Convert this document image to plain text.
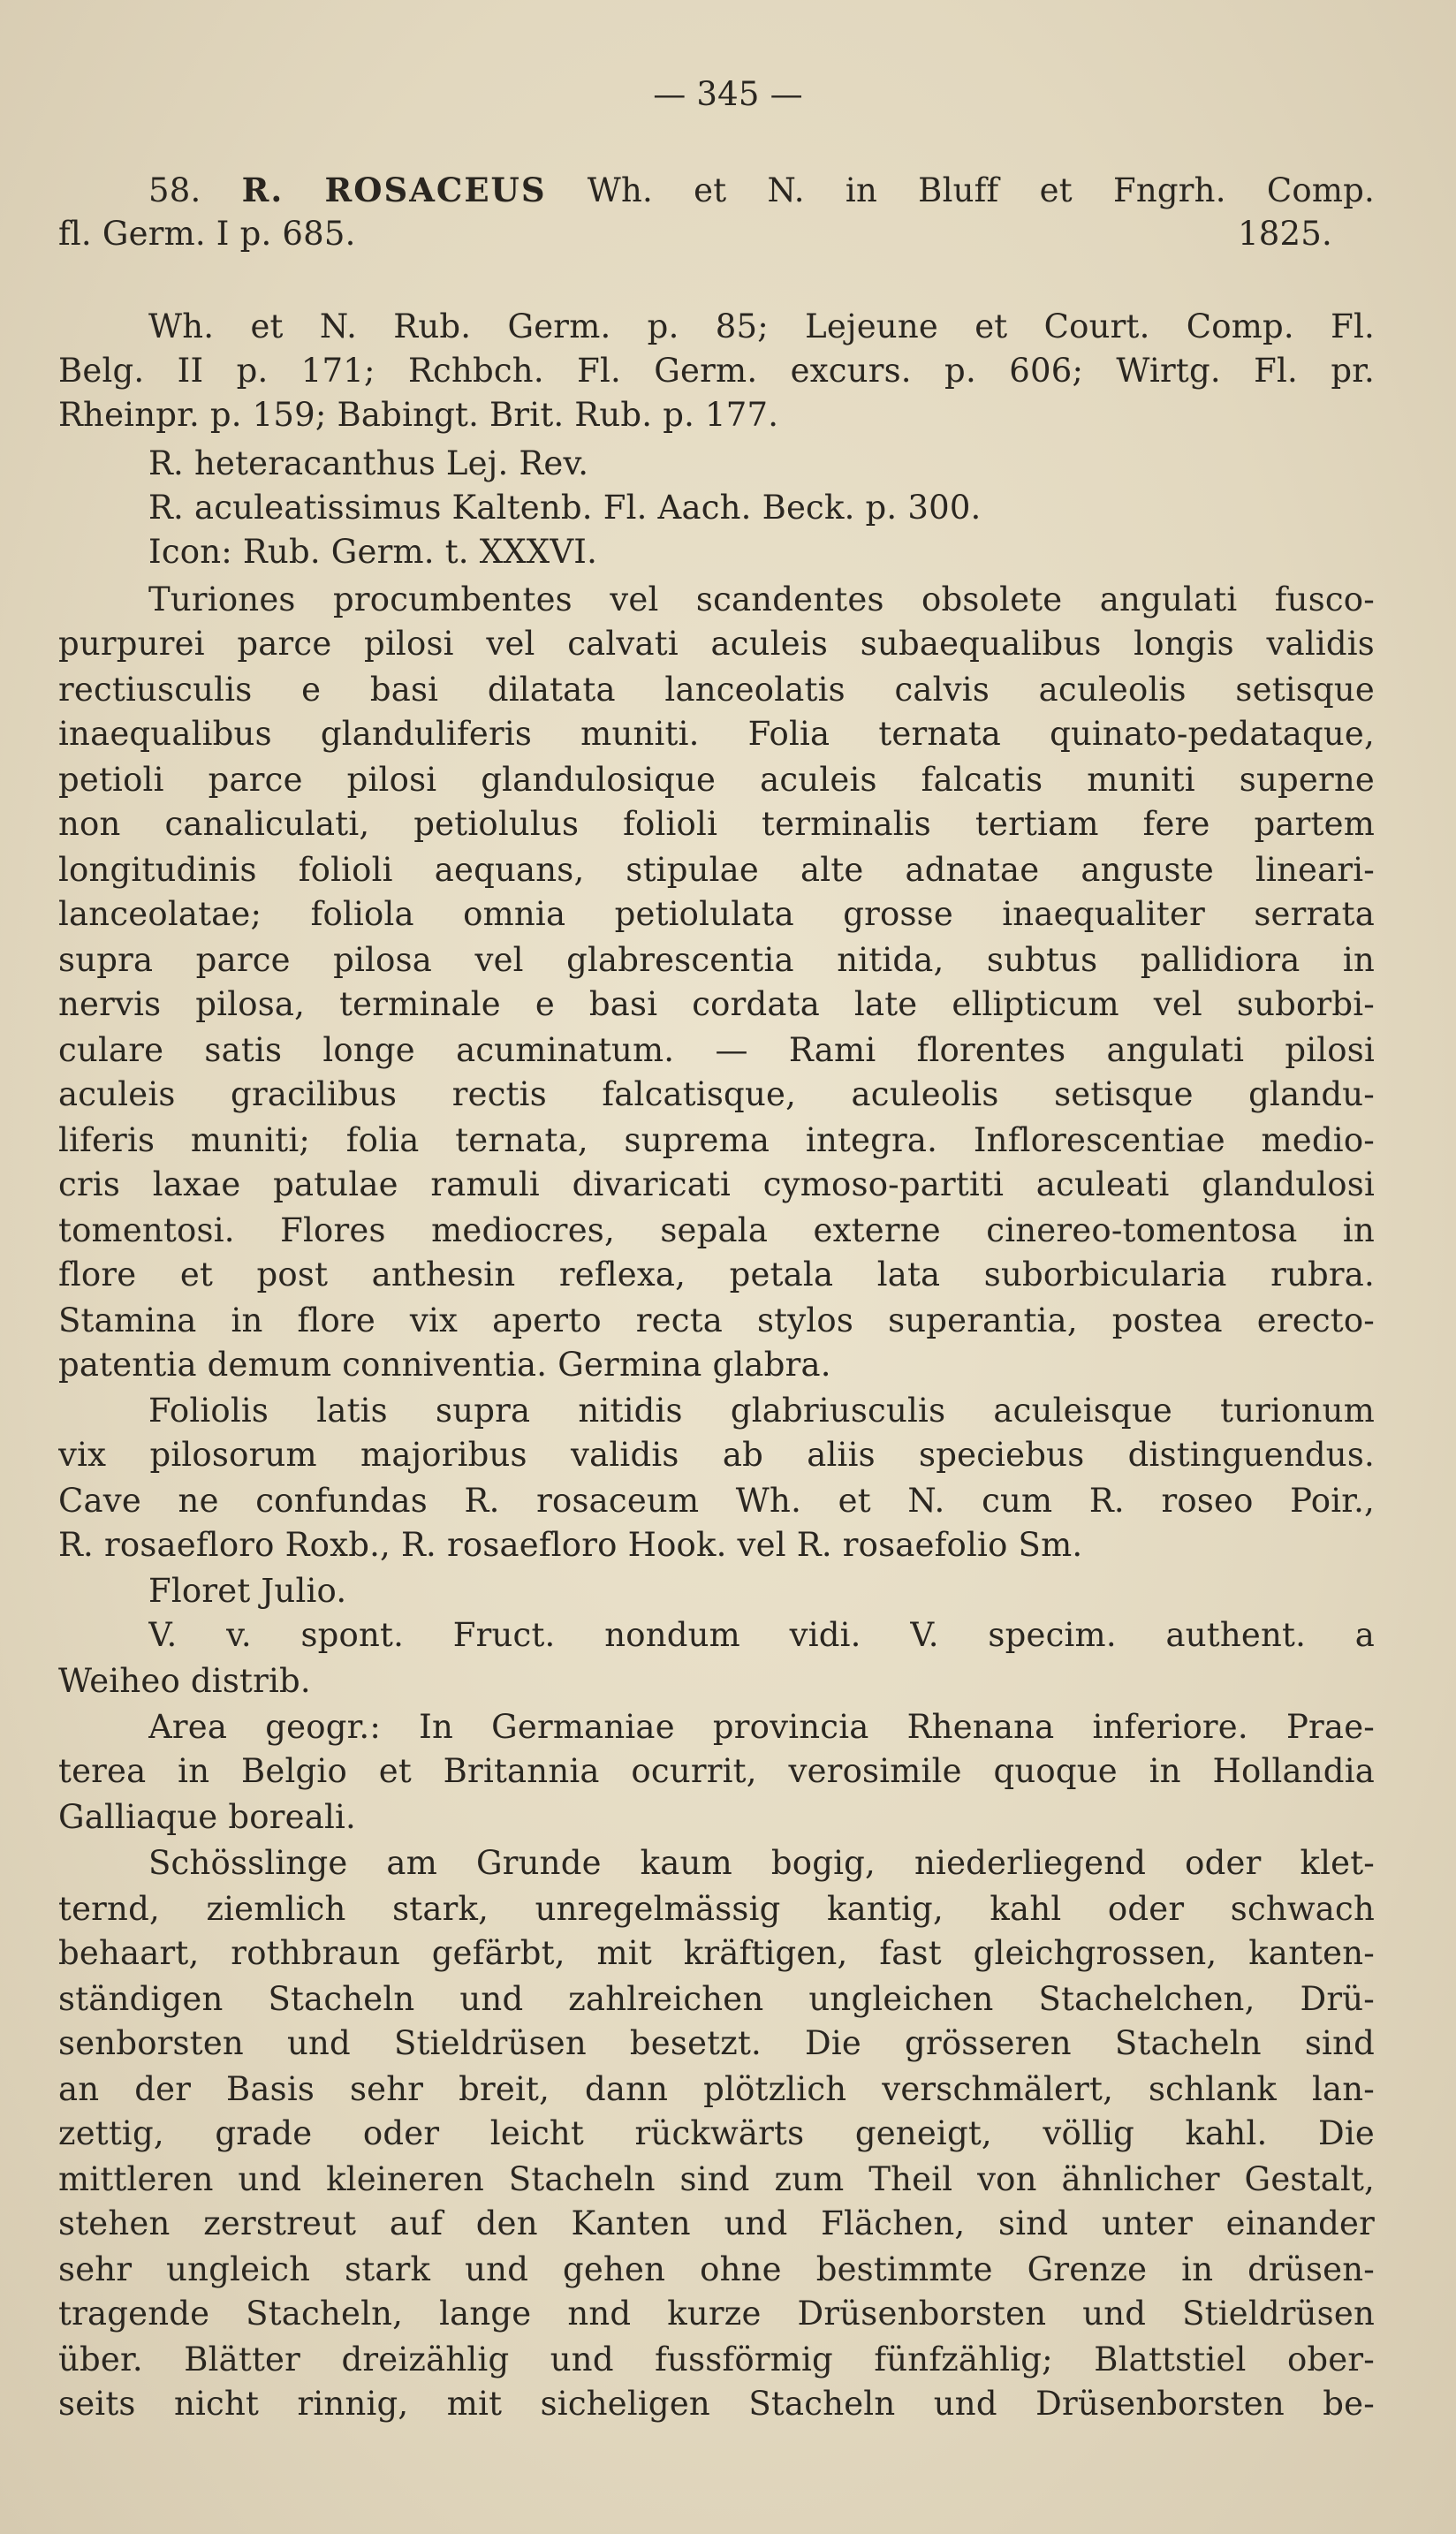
— 345 —
58. R. ROSACEUS Wh. et N. in Bluff et Fngrh. Comp.
fl. Germ. I p. 685.	1825.
Wh. et N. Rub. Germ. p. 85; Lejeune et Court. Comp. Fl.
Belg. II p. 171; Rchbch. Fl. Germ. excurs. p. 606; Wirtg. Fl. pr.
Rheinpr. p. 159; Babingt. Brit. Rub. p. 177.
R. heteracanthus Lej. Rev.
R. aculeatissimus Kaltenb. Fl. Aach. Beck. p. 300.
Icon: Rub. Germ. t. XXXVI.
Turiones procumbentes vel scandentes obsolete angulati fusco-
purpurei parce pilosi vel calvati aculeis subaequalibus longis validis
rectiusculis e basi dilatata lanceolatis calvis aculeolis setisque
inaequalibus glanduliferis muniti. Folia ternata quinato-pedataque,
petioli parce pilosi glandulosique aculeis falcatis muniti superne
non canaliculati, petiolulus folioli terminalis tertiam fere partem
longitudinis folioli aequans, stipulae alte adnatae anguste lineari-
lanceolatae; foliola omnia petiolulata grosse inaequaliter serrata
supra parce pilosa vel glabrescentia nitida, subtus pallidiora in
nervis pilosa, terminale e basi cordata late ellipticum vel suborbi-
culare satis longe acuminatum. — Rami florentes angulati pilosi
aculeis gracilibus rectis falcatisque, aculeolis setisque glandu-
liferis muniti; folia ternata, suprema integra. Inflorescentiae medio-
cris laxae patulae ramuli divaricati cymoso-partiti aculeati glandulosi
tomentosi. Flores mediocres, sepala externe cinereo-tomentosa in
flore et post anthesin reflexa, petala lata suborbicularia rubra.
Stamina in flore vix aperto recta stylos superantia, postea erecto-
patentia demum conniventia. Germina glabra.
Foliolis latis supra nitidis glabriusculis aculeisque turionum
vix pilosorum majoribus validis ab aliis speciebus distinguendus.
Cave ne confundas R. rosaceum Wh. et N. cum R. roseo Poir.,
R. rosaefloro Roxb., R. rosaefloro Hook. vel R. rosaefolio Sm.
Floret Julio.
V. v. spont. Fruct. nondum vidi. V. specim. authent. a
Weiheo distrib.
Area geogr.: In Germaniae provincia Rhenana inferiore. Prae-
terea in Belgio et Britannia ocurrit, verosimile quoque in Hollandia
Galliaque boreali.
Schösslinge am Grunde kaum bogig, niederliegend oder klet-
ternd, ziemlich stark, unregelmässig kantig, kahl oder schwach
behaart, rothbraun gefärbt, mit kräftigen, fast gleichgrossen, kanten-
ständigen Stacheln und zahlreichen ungleichen Stachelchen, Drü-
senborsten und Stieldrüsen besetzt. Die grösseren Stacheln sind
an der Basis sehr breit, dann plötzlich verschmälert, schlank lan-
zettig, grade oder leicht rückwärts geneigt, völlig kahl. Die
mittleren und kleineren Stacheln sind zum Theil von ähnlicher Gestalt,
stehen zerstreut auf den Kanten und Flächen, sind unter einander
sehr ungleich stark und gehen ohne bestimmte Grenze in drüsen-
tragende Stacheln, lange nnd kurze Drüsenborsten und Stieldrüsen
über. Blätter dreizählig und fussförmig fünfzählig; Blattstiel ober-
seits nicht rinnig, mit sicheligen Stacheln und Drüsenborsten be-
